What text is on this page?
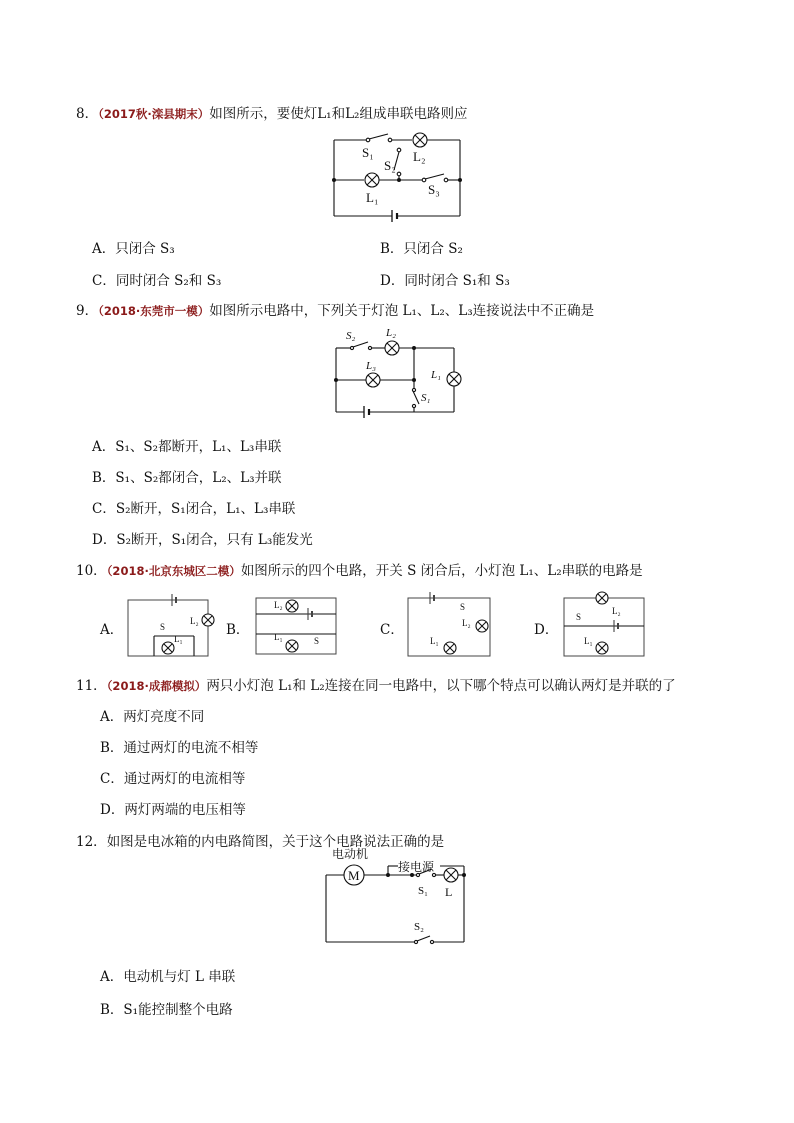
8．（2017秋·滦县期末）如图所示，要使灯L₁和L₂组成串联电路则应
S₁
S₂
L₂
L₁
S₃
A．只闭合 S₃	B．只闭合 S₂
C．同时闭合 S₂和 S₃	D．同时闭合 S₁和 S₃
9．（2018·东莞市一模）如图所示电路中，下列关于灯泡 L₁、L₂、L₃连接说法中不正确是
S₂	L₂
L₃
L₁
S₁
A．S₁、S₂都断开，L₁、L₃串联
B．S₁、S₂都闭合，L₂、L₃并联
C．S₂断开，S₁闭合，L₁、L₃串联
D．S₂断开，S₁闭合，只有 L₃能发光
10．（2018·北京东城区二模）如图所示的四个电路，开关 S 闭合后，小灯泡 L₁、L₂串联的电路是
A．	S
L₂
L₁
B．
L₂
L₁	S
C．
S
L₂
L₁
D．
S
L₂
L₁
11．（2018·成都模拟）两只小灯泡 L₁和 L₂连接在同一电路中，以下哪个特点可以确认两灯是并联的了
A．两灯亮度不同
B．通过两灯的电流不相等
C．通过两灯的电流相等
D．两灯两端的电压相等
12．如图是电冰箱的内电路简图，关于这个电路说法正确的是
电动机
M
接电源
S₁ L
S₂
A．电动机与灯 L 串联
B．S₁能控制整个电路
